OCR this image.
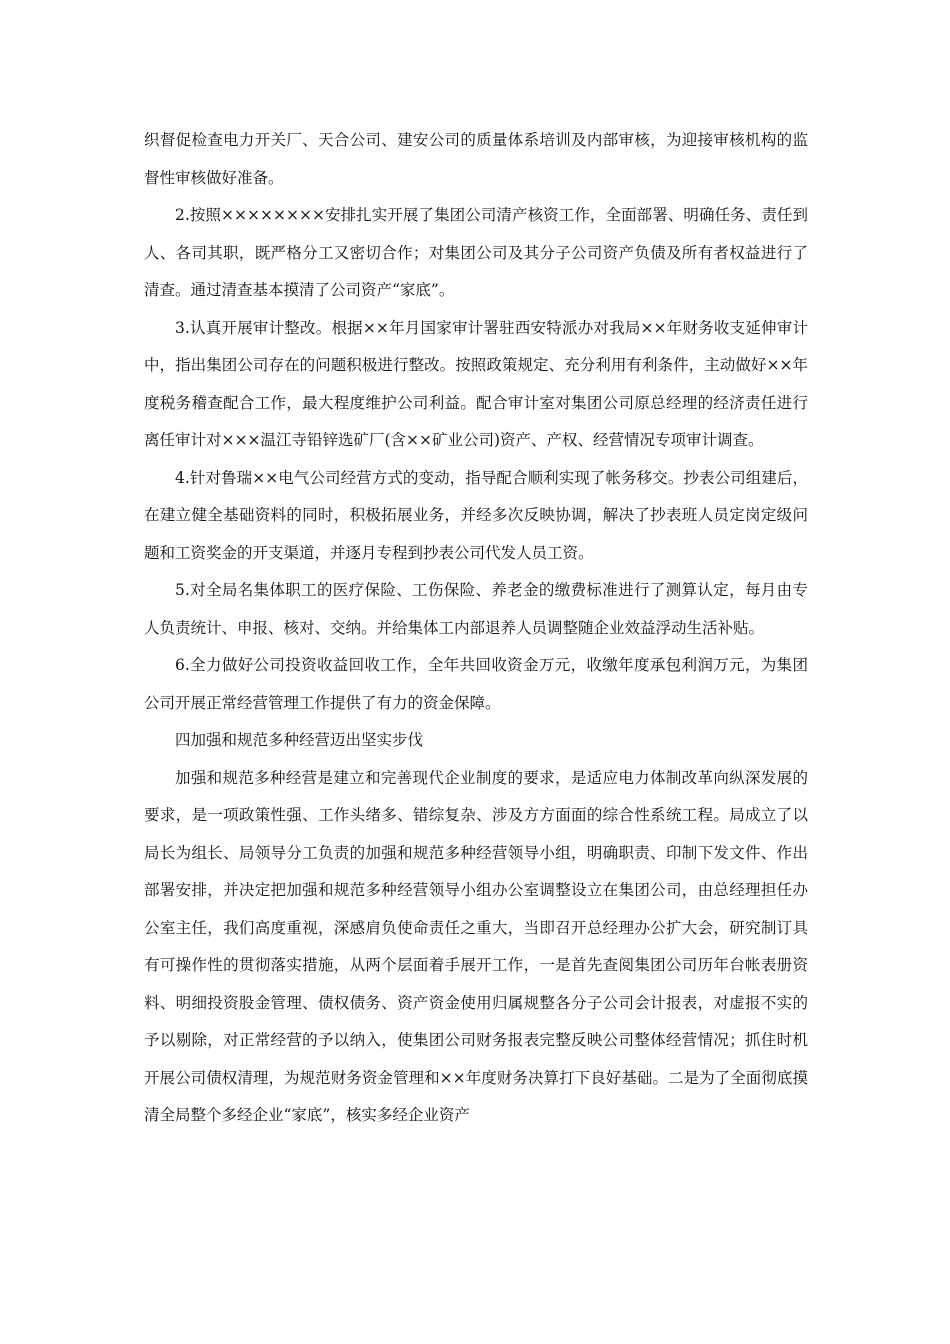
织督促检查电力开关厂、天合公司、建安公司的质量体系培训及内部审核，为迎接审核机构的监督性审核做好准备。

2.按照××××××××安排扎实开展了集团公司清产核资工作，全面部署、明确任务、责任到人、各司其职，既严格分工又密切合作；对集团公司及其分子公司资产负债及所有者权益进行了清查。通过清查基本摸清了公司资产“家底”。

3.认真开展审计整改。根据××年月国家审计署驻西安特派办对我局××年财务收支延伸审计中，指出集团公司存在的问题积极进行整改。按照政策规定、充分利用有利条件，主动做好××年度税务稽查配合工作，最大程度维护公司利益。配合审计室对集团公司原总经理的经济责任进行离任审计对×××温江寺铅锌选矿厂(含××矿业公司)资产、产权、经营情况专项审计调查。

4.针对鲁瑞××电气公司经营方式的变动，指导配合顺利实现了帐务移交。抄表公司组建后，在建立健全基础资料的同时，积极拓展业务，并经多次反映协调，解决了抄表班人员定岗定级问题和工资奖金的开支渠道，并逐月专程到抄表公司代发人员工资。

5.对全局名集体职工的医疗保险、工伤保险、养老金的缴费标准进行了测算认定，每月由专人负责统计、申报、核对、交纳。并给集体工内部退养人员调整随企业效益浮动生活补贴。

6.全力做好公司投资收益回收工作，全年共回收资金万元，收缴年度承包利润万元，为集团公司开展正常经营管理工作提供了有力的资金保障。

四加强和规范多种经营迈出坚实步伐

加强和规范多种经营是建立和完善现代企业制度的要求，是适应电力体制改革向纵深发展的要求，是一项政策性强、工作头绪多、错综复杂、涉及方方面面的综合性系统工程。局成立了以局长为组长、局领导分工负责的加强和规范多种经营领导小组，明确职责、印制下发文件、作出部署安排，并决定把加强和规范多种经营领导小组办公室调整设立在集团公司，由总经理担任办公室主任，我们高度重视，深感肩负使命责任之重大，当即召开总经理办公扩大会，研究制订具有可操作性的贯彻落实措施，从两个层面着手展开工作，一是首先查阅集团公司历年台帐表册资料、明细投资股金管理、债权债务、资产资金使用归属规整各分子公司会计报表，对虚报不实的予以剔除，对正常经营的予以纳入，使集团公司财务报表完整反映公司整体经营情况；抓住时机开展公司债权清理，为规范财务资金管理和××年度财务决算打下良好基础。二是为了全面彻底摸清全局整个多经企业“家底”，核实多经企业资产
